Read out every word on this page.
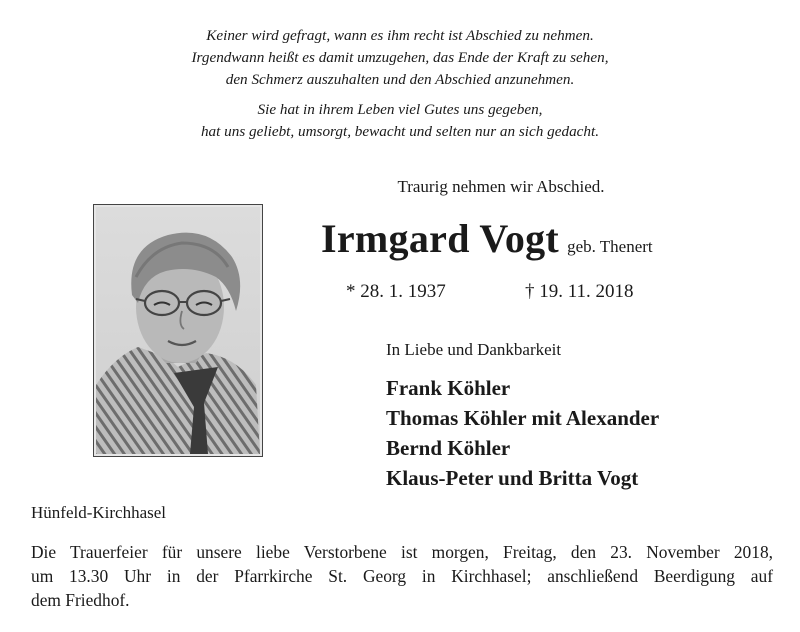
Keiner wird gefragt, wann es ihm recht ist Abschied zu nehmen.
Irgendwann heißt es damit umzugehen, das Ende der Kraft zu sehen,
den Schmerz auszuhalten und den Abschied anzunehmen.

Sie hat in ihrem Leben viel Gutes uns gegeben,
hat uns geliebt, umsorgt, bewacht und selten nur an sich gedacht.

Traurig nehmen wir Abschied.
Irmgard Vogt geb. Thenert
* 28. 1. 1937	† 19. 11. 2018
In Liebe und Dankbarkeit
Frank Köhler
Thomas Köhler mit Alexander
Bernd Köhler
Klaus-Peter und Britta Vogt
Hünfeld-Kirchhasel
Die Trauerfeier für unsere liebe Verstorbene ist morgen, Freitag, den 23. November 2018,
um 13.30 Uhr in der Pfarrkirche St. Georg in Kirchhasel; anschließend Beerdigung auf
dem Friedhof.
